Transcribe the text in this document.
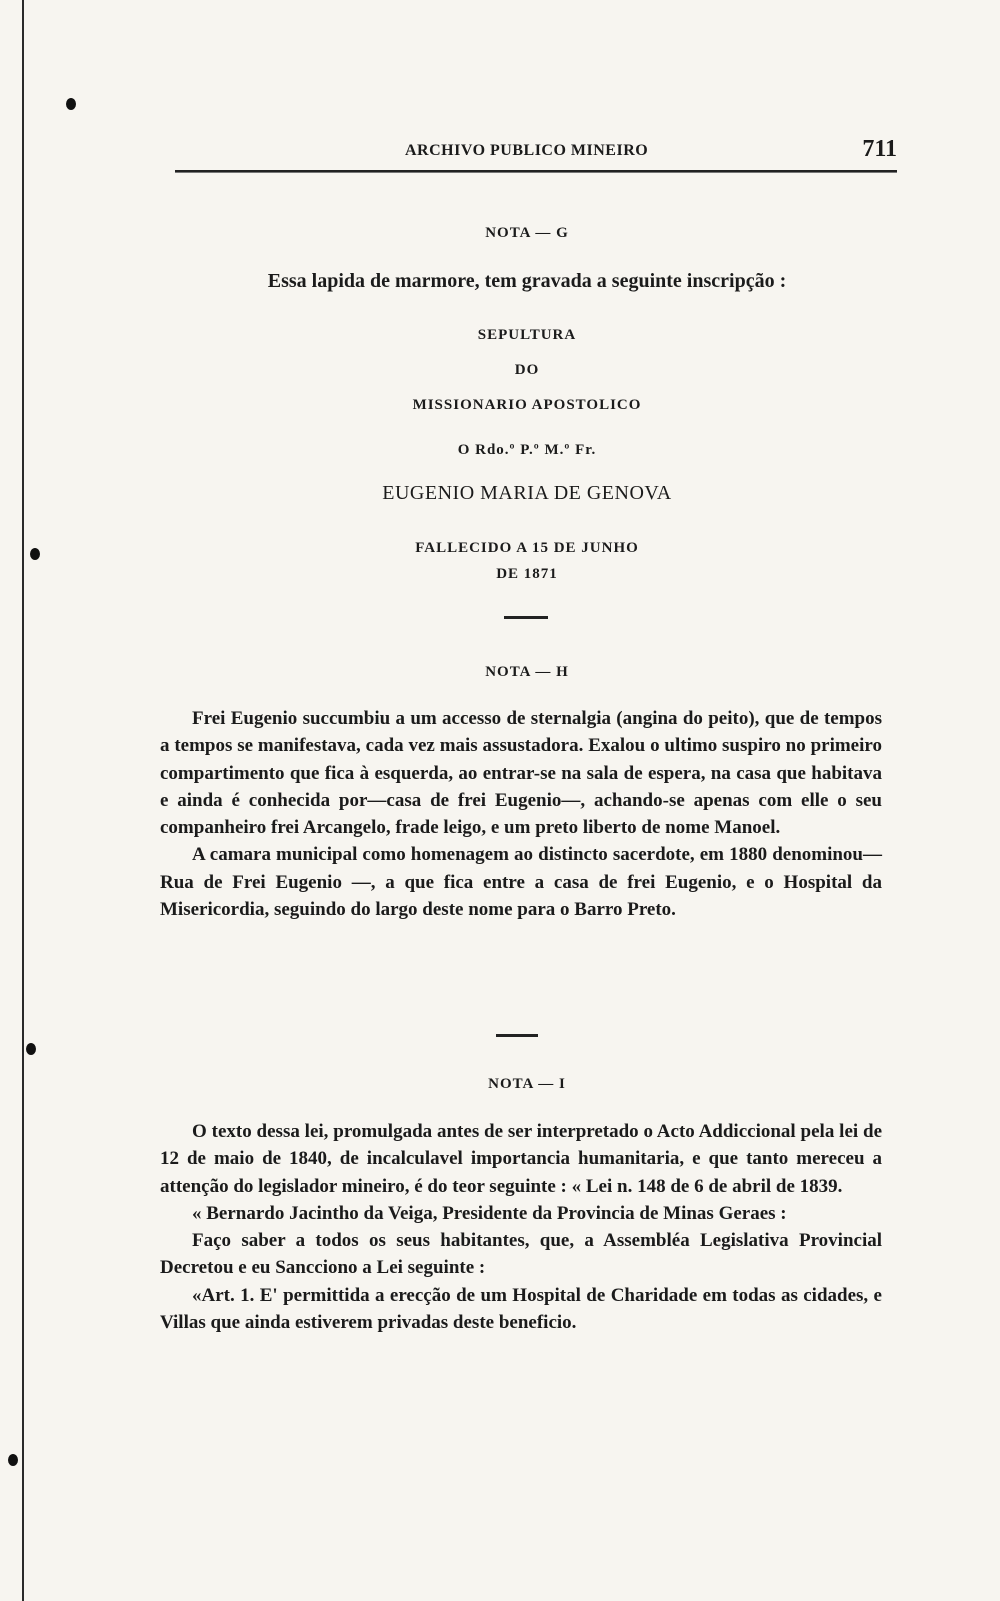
ARCHIVO PUBLICO MINEIRO	711
NOTA — G
Essa lapida de marmore, tem gravada a seguinte inscripção :
SEPULTURA
DO
MISSIONARIO APOSTOLICO
O Rdo.º P.º M.º Fr.
EUGENIO MARIA DE GENOVA
FALLECIDO A 15 DE JUNHO
DE 1871
NOTA — H

Frei Eugenio succumbiu a um accesso de sternalgia (angina do peito), que de tempos a tempos se manifestava, cada vez mais assustadora. Exalou o ultimo suspiro no primeiro compartimento que fica à esquerda, ao entrar-se na sala de espera, na casa que habitava e ainda é conhecida por—casa de frei Eugenio—, achando-se apenas com elle o seu companheiro frei Arcangelo, frade leigo, e um preto liberto de nome Manoel.

A camara municipal como homenagem ao distincto sacerdote, em 1880 denominou—Rua de Frei Eugenio —, a que fica entre a casa de frei Eugenio, e o Hospital da Misericordia, seguindo do largo deste nome para o Barro Preto.

NOTA — I

O texto dessa lei, promulgada antes de ser interpretado o Acto Addiccional pela lei de 12 de maio de 1840, de incalculavel importancia humanitaria, e que tanto mereceu a attenção do legislador mineiro, é do teor seguinte : « Lei n. 148 de 6 de abril de 1839.

« Bernardo Jacintho da Veiga, Presidente da Provincia de Minas Geraes :

Faço saber a todos os seus habitantes, que, a Assembléa Legislativa Provincial Decretou e eu Sancciono a Lei seguinte :

«Art. 1. E' permittida a erecção de um Hospital de Charidade em todas as cidades, e Villas que ainda estiverem privadas deste beneficio.
